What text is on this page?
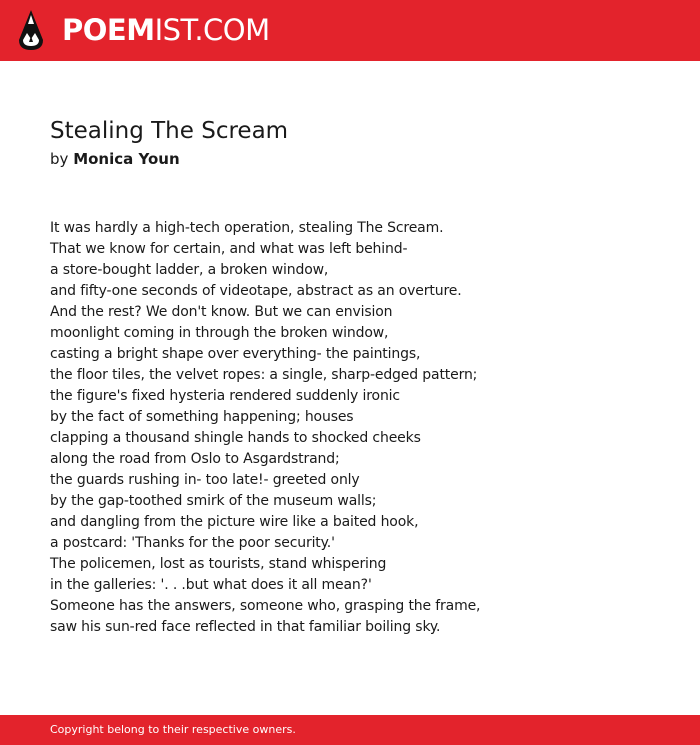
POEMIST.COM
Stealing The Scream
by Monica Youn
It was hardly a high-tech operation, stealing The Scream.
That we know for certain, and what was left behind-
a store-bought ladder, a broken window,
and fifty-one seconds of videotape, abstract as an overture.
And the rest? We don't know. But we can envision
moonlight coming in through the broken window,
casting a bright shape over everything- the paintings,
the floor tiles, the velvet ropes: a single, sharp-edged pattern;
the figure's fixed hysteria rendered suddenly ironic
by the fact of something happening; houses
clapping a thousand shingle hands to shocked cheeks
along the road from Oslo to Asgardstrand;
the guards rushing in- too late!- greeted only
by the gap-toothed smirk of the museum walls;
and dangling from the picture wire like a baited hook,
a postcard: 'Thanks for the poor security.'
The policemen, lost as tourists, stand whispering
in the galleries: '. . .but what does it all mean?'
Someone has the answers, someone who, grasping the frame,
saw his sun-red face reflected in that familiar boiling sky.
Copyright belong to their respective owners.
